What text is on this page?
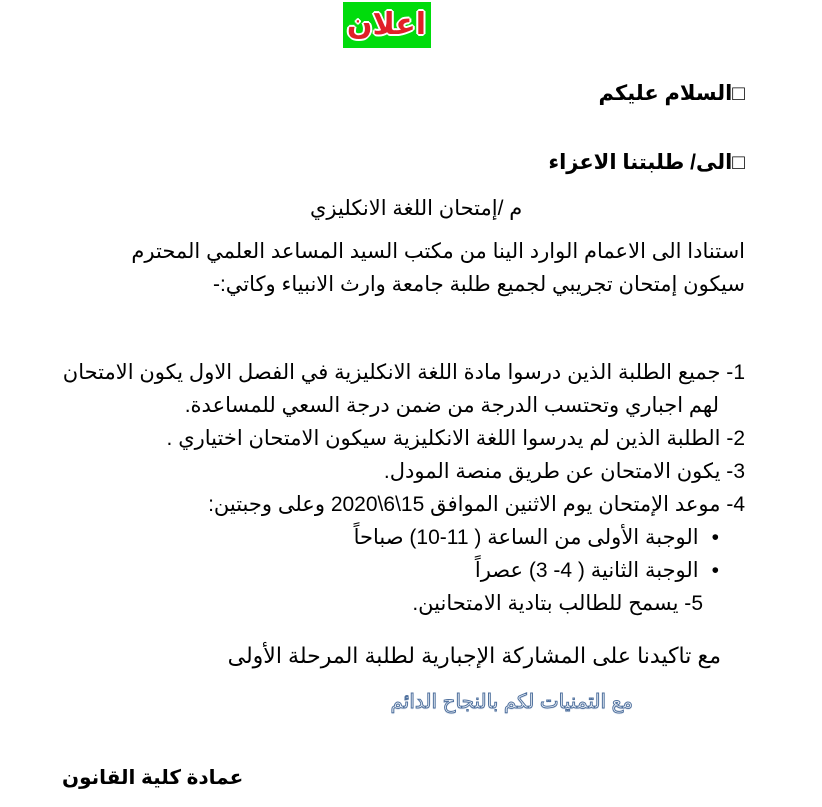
اعلان

□السلام عليكم

□الى/ طلبتنا الاعزاء

م /إمتحان اللغة الانكليزي

استنادا الى الاعمام الوارد الينا من مكتب السيد المساعد العلمي المحترم سيكون إمتحان تجريبي لجميع طلبة جامعة وارث الانبياء وكاتي:-

1- جميع الطلبة الذين درسوا مادة اللغة الانكليزية في الفصل الاول يكون الامتحان لهم اجباري وتحتسب الدرجة من ضمن درجة السعي للمساعدة.

2- الطلبة الذين لم يدرسوا اللغة الانكليزية سيكون الامتحان اختياري .

3- يكون الامتحان عن طريق منصة المودل.

4- موعد الإمتحان يوم الاثنين الموافق 15\6\2020 وعلى وجبتين:

•
الوجبة الأولى من الساعة ( 11-10) صباحاً
•
الوجبة الثانية ( 4- 3) عصراً

5- يسمح للطالب بتادية الامتحانين.

مع تاكيدنا على المشاركة الإجبارية لطلبة المرحلة الأولى

مع التمنيات لكم بالنجاح الدائم

عمادة كلية القانون
